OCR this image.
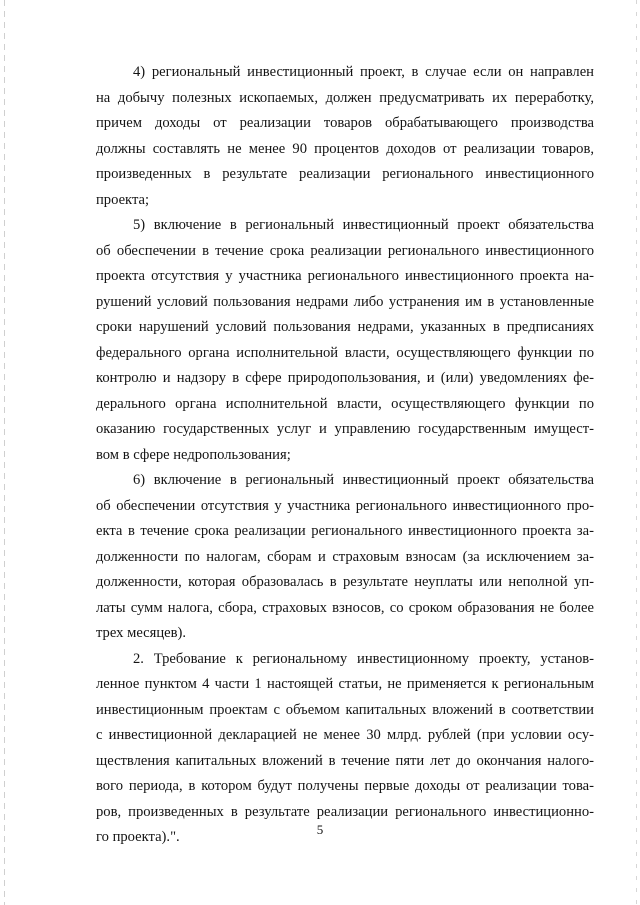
4) региональный инвестиционный проект, в случае если он направлен
на добычу полезных ископаемых, должен предусматривать их переработку,
причем доходы от реализации товаров обрабатывающего производства
должны составлять не менее 90 процентов доходов от реализации товаров,
произведенных в результате реализации регионального инвестиционного
проекта;
5) включение в региональный инвестиционный проект обязательства
об обеспечении в течение срока реализации регионального инвестиционного
проекта отсутствия у участника регионального инвестиционного проекта на-
рушений условий пользования недрами либо устранения им в установленные
сроки нарушений условий пользования недрами, указанных в предписаниях
федерального органа исполнительной власти, осуществляющего функции по
контролю и надзору в сфере природопользования, и (или) уведомлениях фе-
дерального органа исполнительной власти, осуществляющего функции по
оказанию государственных услуг и управлению государственным имущест-
вом в сфере недропользования;
6) включение в региональный инвестиционный проект обязательства
об обеспечении отсутствия у участника регионального инвестиционного про-
екта в течение срока реализации регионального инвестиционного проекта за-
долженности по налогам, сборам и страховым взносам (за исключением за-
долженности, которая образовалась в результате неуплаты или неполной уп-
латы сумм налога, сбора, страховых взносов, со сроком образования не более
трех месяцев).
2. Требование к региональному инвестиционному проекту, установ-
ленное пунктом 4 части 1 настоящей статьи, не применяется к региональным
инвестиционным проектам с объемом капитальных вложений в соответствии
с инвестиционной декларацией не менее 30 млрд. рублей (при условии осу-
ществления капитальных вложений в течение пяти лет до окончания налого-
вого периода, в котором будут получены первые доходы от реализации това-
ров, произведенных в результате реализации регионального инвестиционно-
го проекта).".	5
